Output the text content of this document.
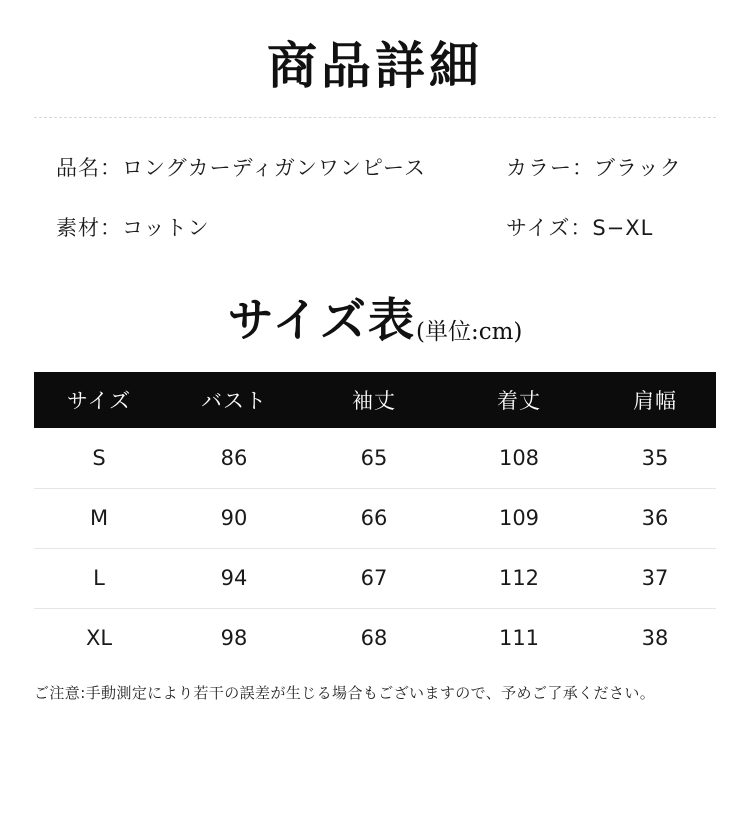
商品詳細
品名：ロングカーディガンワンピース	カラー：ブラック
素材：コットン	サイズ：S−XL
サイズ表(単位:cm)
サイズ	バスト	袖丈	着丈	肩幅
S	86	65	108	35
M	90	66	109	36
L	94	67	112	37
XL	98	68	111	38
ご注意:手動測定により若干の誤差が生じる場合もございますので、予めご了承ください。
